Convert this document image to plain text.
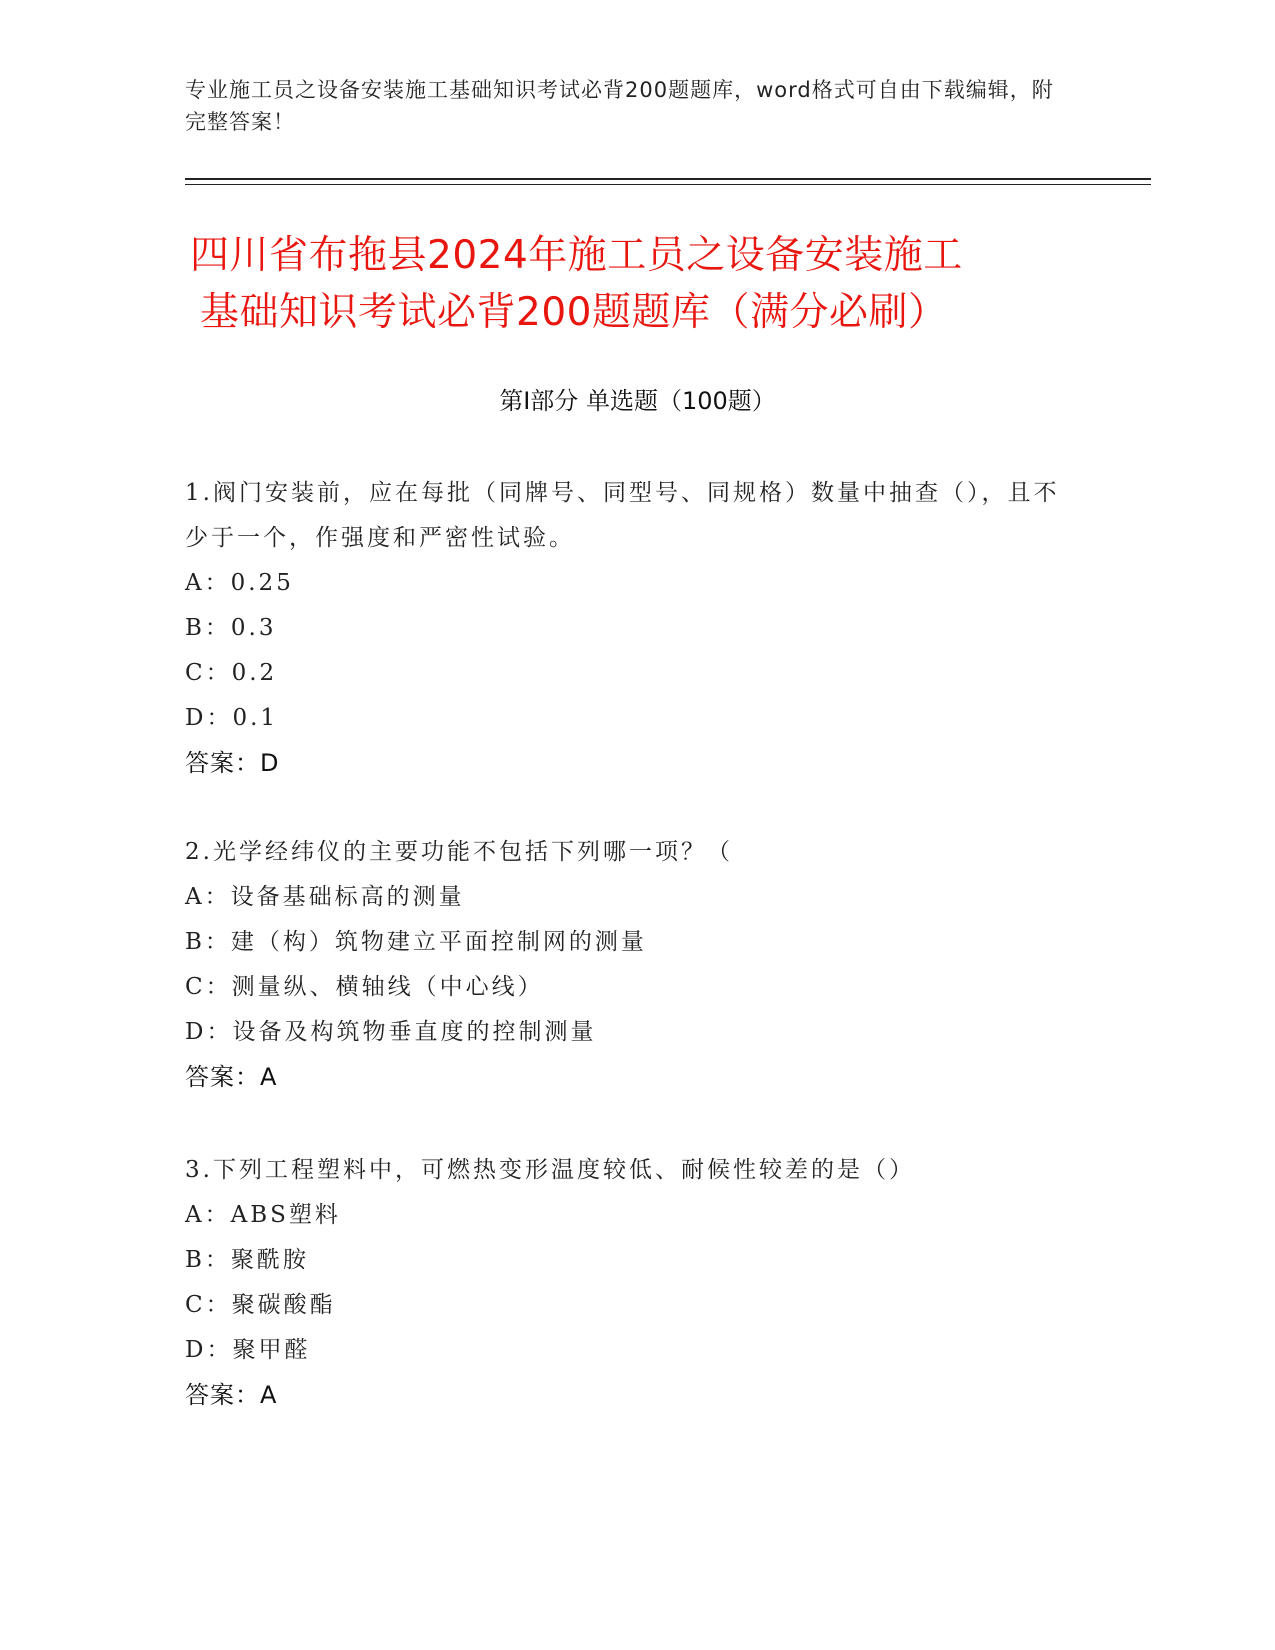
专业施工员之设备安装施工基础知识考试必背200题题库，word格式可自由下载编辑，附完整答案！
四川省布拖县2024年施工员之设备安装施工
基础知识考试必背200题题库（满分必刷）
第Ⅰ部分 单选题（100题）
1.阀门安装前，应在每批（同牌号、同型号、同规格）数量中抽查（），且不少于一个，作强度和严密性试验。
A：0.25
B：0.3
C：0.2
D：0.1
答案：D
2.光学经纬仪的主要功能不包括下列哪一项？（
A：设备基础标高的测量
B：建（构）筑物建立平面控制网的测量
C：测量纵、横轴线（中心线）
D：设备及构筑物垂直度的控制测量
答案：A
3.下列工程塑料中，可燃热变形温度较低、耐候性较差的是（）
A：ABS塑料
B：聚酰胺
C：聚碳酸酯
D：聚甲醛
答案：A
